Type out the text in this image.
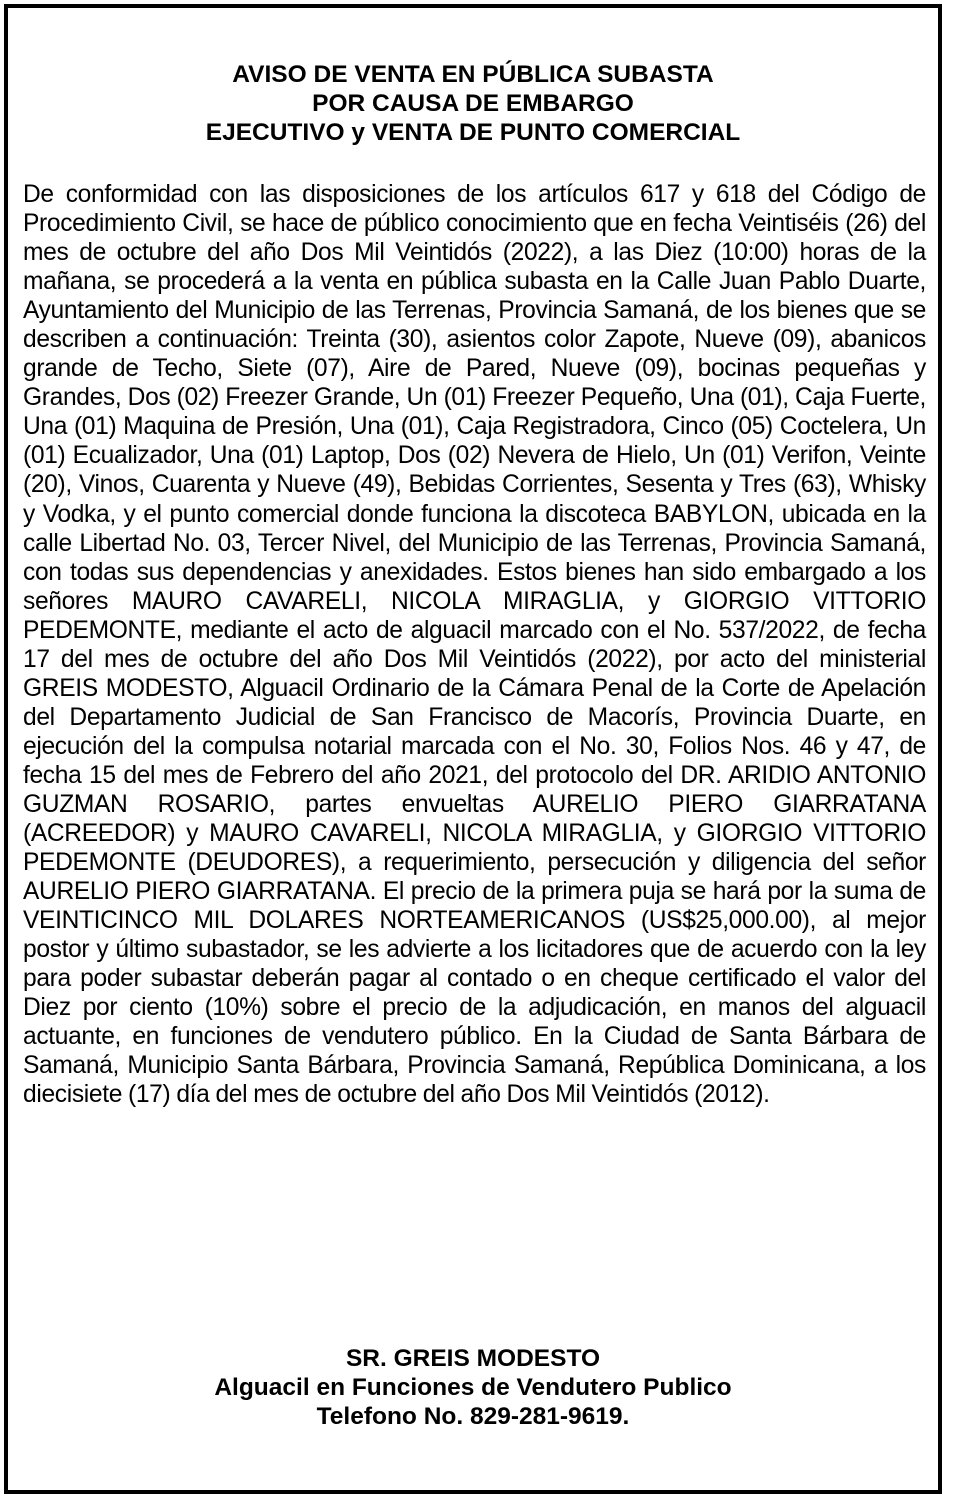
AVISO DE VENTA EN PÚBLICA SUBASTA
POR CAUSA DE EMBARGO
EJECUTIVO y VENTA DE PUNTO COMERCIAL

De conformidad con las disposiciones de los artículos 617 y 618 del Código de Procedimiento Civil, se hace de público conocimiento que en fecha Veintiséis (26) del mes de octubre del año Dos Mil Veintidós (2022), a las Diez (10:00) horas de la mañana, se procederá a la venta en pública subasta en la Calle Juan Pablo Duarte, Ayuntamiento del Municipio de las Terrenas, Provincia Samaná, de los bienes que se describen a continuación: Treinta (30), asientos color Zapote, Nueve (09), abanicos grande de Techo, Siete (07), Aire de Pared, Nueve (09), bocinas pequeñas y Grandes, Dos (02) Freezer Grande, Un (01) Freezer Pequeño, Una (01), Caja Fuerte, Una (01) Maquina de Presión, Una (01), Caja Registradora, Cinco (05) Coctelera, Un (01) Ecualizador, Una (01) Laptop, Dos (02) Nevera de Hielo, Un (01) Verifon, Veinte (20), Vinos, Cuarenta y Nueve (49), Bebidas Corrientes, Sesenta y Tres (63), Whisky y Vodka, y el punto comercial donde funciona la discoteca BABYLON, ubicada en la calle Libertad No. 03, Tercer Nivel, del Municipio de las Terrenas, Provincia Samaná, con todas sus dependencias y anexidades. Estos bienes han sido embargado a los señores MAURO CAVARELI, NICOLA MIRAGLIA, y GIORGIO VITTORIO PEDEMONTE, mediante el acto de alguacil marcado con el No. 537/2022, de fecha 17 del mes de octubre del año Dos Mil Veintidós (2022), por acto del ministerial GREIS MODESTO, Alguacil Ordinario de la Cámara Penal de la Corte de Apelación del Departamento Judicial de San Francisco de Macorís, Provincia Duarte, en ejecución del la compulsa notarial marcada con el No. 30, Folios Nos. 46 y 47, de fecha 15 del mes de Febrero del año 2021, del protocolo del DR. ARIDIO ANTONIO GUZMAN ROSARIO, partes envueltas AURELIO PIERO GIARRATANA (ACREEDOR) y MAURO CAVARELI, NICOLA MIRAGLIA, y GIORGIO VITTORIO PEDEMONTE (DEUDORES), a requerimiento, persecución y diligencia del señor AURELIO PIERO GIARRATANA. El precio de la primera puja se hará por la suma de VEINTICINCO MIL DOLARES NORTEAMERICANOS (US$25,000.00), al mejor postor y último subastador, se les advierte a los licitadores que de acuerdo con la ley para poder subastar deberán pagar al contado o en cheque certificado el valor del Diez por ciento (10%) sobre el precio de la adjudicación, en manos del alguacil actuante, en funciones de vendutero público. En la Ciudad de Santa Bárbara de Samaná, Municipio Santa Bárbara, Provincia Samaná, República Dominicana, a los diecisiete (17) día del mes de octubre del año Dos Mil Veintidós (2012).

SR. GREIS MODESTO
Alguacil en Funciones de Vendutero Publico
Telefono No. 829-281-9619.
